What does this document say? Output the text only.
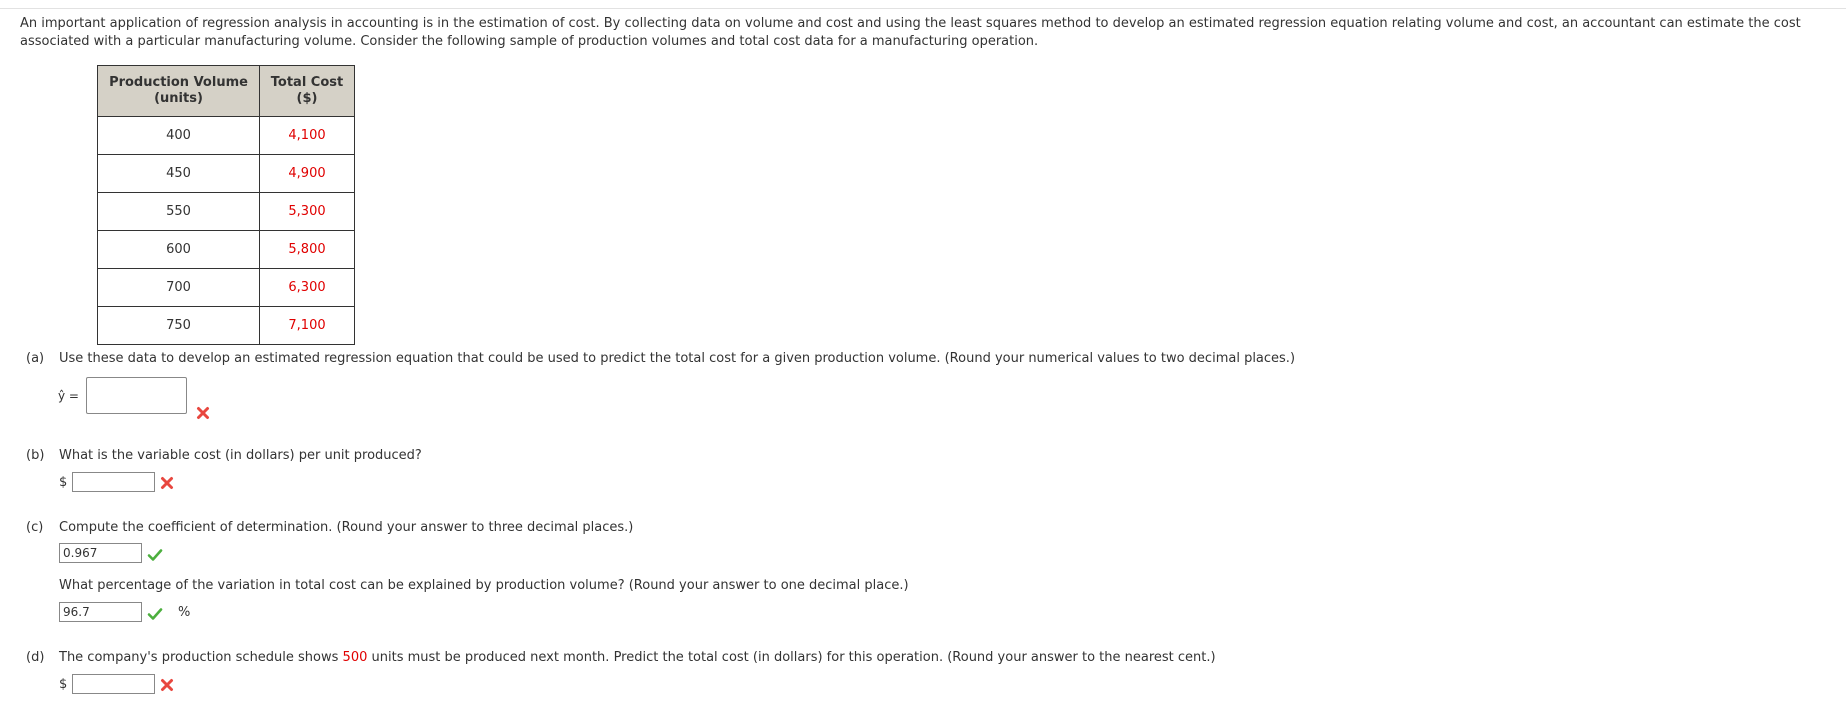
An important application of regression analysis in accounting is in the estimation of cost. By collecting data on volume and cost and using the least squares method to develop an estimated regression equation relating volume and cost, an accountant can estimate the cost associated with a particular manufacturing volume. Consider the following sample of production volumes and total cost data for a manufacturing operation.

Production Volume
(units)	Total Cost
($)
400	4,100
450	4,900
550	5,300
600	5,800
700	6,300
750	7,100
(a) Use these data to develop an estimated regression equation that could be used to predict the total cost for a given production volume. (Round your numerical values to two decimal places.)
ŷ =
(b) What is the variable cost (in dollars) per unit produced?
$
(c) Compute the coefficient of determination. (Round your answer to three decimal places.)
0.967
What percentage of the variation in total cost can be explained by production volume? (Round your answer to one decimal place.)
96.7
%
(d) The company's production schedule shows 500 units must be produced next month. Predict the total cost (in dollars) for this operation. (Round your answer to the nearest cent.)
$
